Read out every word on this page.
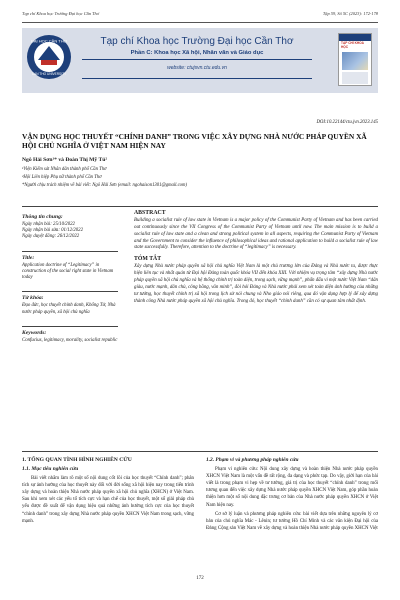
Tạp chí Khoa học Trường Đại học Cần Thơ	Tập 59, Số 5C (2023): 172-178
ĐẠI HỌC CẦN THƠ
CAN THO UNIVERSITY
Tạp chí Khoa học Trường Đại học Cần Thơ
Phần C: Khoa học Xã hội, Nhân văn và Giáo dục
website: ctujsvn.ctu.edu.vn
TẠP CHÍ KHOA HỌC
DOI:10.22144/ctu.jvn.2023.145
VẬN DỤNG HỌC THUYẾT “CHÍNH DANH” TRONG VIỆC XÂY DỰNG NHÀ NƯỚC PHÁP QUYỀN XÃ HỘI CHỦ NGHĨA Ở VIỆT NAM HIỆN NAY
Ngô Hải Sơn¹* và Đoàn Thị Mỹ Tú²
¹Viện Kiểm sát Nhân dân thành phố Cần Thơ
²Hội Liên hiệp Phụ nữ thành phố Cần Thơ
*Người chịu trách nhiệm về bài viết: Ngô Hải Sơn (email: ngohaison1301@gmail.com)
Thông tin chung:
Ngày nhận bài: 25/10/2022
Ngày nhận bài sửa: 01/12/2022
Ngày duyệt đăng: 26/12/2022
Title:
Application doctrine of “Legitimacy” in construction of the social right state in Vietnam today
Từ khóa:
Đạo đức, học thuyết chính danh, Khổng Tử, Nhà nước pháp quyền, xã hội chủ nghĩa
Keywords:
Confucius, legitimacy, morality, socialist republic
ABSTRACT
Building a socialist rule of law state in Vietnam is a major policy of the Communist Party of Vietnam and has been carried out continuously since the VII Congress of the Communist Party of Vietnam until now. The main mission is to build a socialist rule of law state and a clean and strong political system in all aspects, requiring the Communist Party of Vietnam and the Government to consider the influence of philosophical ideas and rational application to build a socialist rule of law state successfully. Therefore, attention to the doctrine of “legitimacy” is necessary.
TÓM TẮT
Xây dựng Nhà nước pháp quyền xã hội chủ nghĩa Việt Nam là một chủ trương lớn của Đảng và Nhà nước ta, được thực hiện liên tục và nhất quán từ Đại hội Đảng toàn quốc khóa VII đến khóa XIII. Với nhiệm vụ trọng tâm “xây dựng Nhà nước pháp quyền xã hội chủ nghĩa và hệ thống chính trị toàn diện, trong sạch, vững mạnh”, phấn đấu vì một nước Việt Nam “dân giàu, nước mạnh, dân chủ, công bằng, văn minh”, đòi hỏi Đảng và Nhà nước phải xem xét toàn diện ảnh hưởng của những tư tưởng, học thuyết chính trị xã hội trong lịch sử nói chung và Nho giáo nói riêng, qua đó vận dụng hợp lý để xây dựng thành công Nhà nước pháp quyền xã hội chủ nghĩa. Trong đó, học thuyết “chính danh” cần có sự quan tâm nhất định.
1. TỔNG QUAN TÌNH HÌNH NGHIÊN CỨU
1.1. Mục tiêu nghiên cứu
Bài viết nhằm làm rõ một số nội dung cốt lõi của học thuyết “Chính danh”; phân tích sự ảnh hưởng của học thuyết này đối với đời sống xã hội hiện nay trong tiến trình xây dựng và hoàn thiện Nhà nước pháp quyền xã hội chủ nghĩa (XHCN) ở Việt Nam. Sau khi xem xét các yếu tố tích cực và hạn chế của học thuyết, một số giải pháp chủ yếu được đề xuất để vận dụng hiệu quả những ảnh hưởng tích cực của học thuyết “chính danh” trong xây dựng Nhà nước pháp quyền XHCN Việt Nam trong sạch, vững mạnh.
1.2. Phạm vi và phương pháp nghiên cứu
Phạm vi nghiên cứu: Nội dung xây dựng và hoàn thiện Nhà nước pháp quyền XHCN Việt Nam là một vấn đề rất rộng, đa dạng và phức tạp. Do vậy, giới hạn của bài viết là trong phạm vi hẹp về tư tưởng, giá trị của học thuyết “chính danh” trong mối tương quan đến việc xây dựng Nhà nước pháp quyền XHCN Việt Nam, góp phần hoàn thiện hơn một số nội dung đặc trưng cơ bản của Nhà nước pháp quyền XHCN ở Việt Nam hiện nay.
Cơ sở lý luận và phương pháp nghiên cứu: bài viết dựa trên những nguyên lý cơ bản của chủ nghĩa Mác - Lênin; tư tưởng Hồ Chí Minh và các văn kiện Đại hội của Đảng Cộng sản Việt Nam về xây dựng và hoàn thiện Nhà nước pháp quyền XHCN Việt
172
